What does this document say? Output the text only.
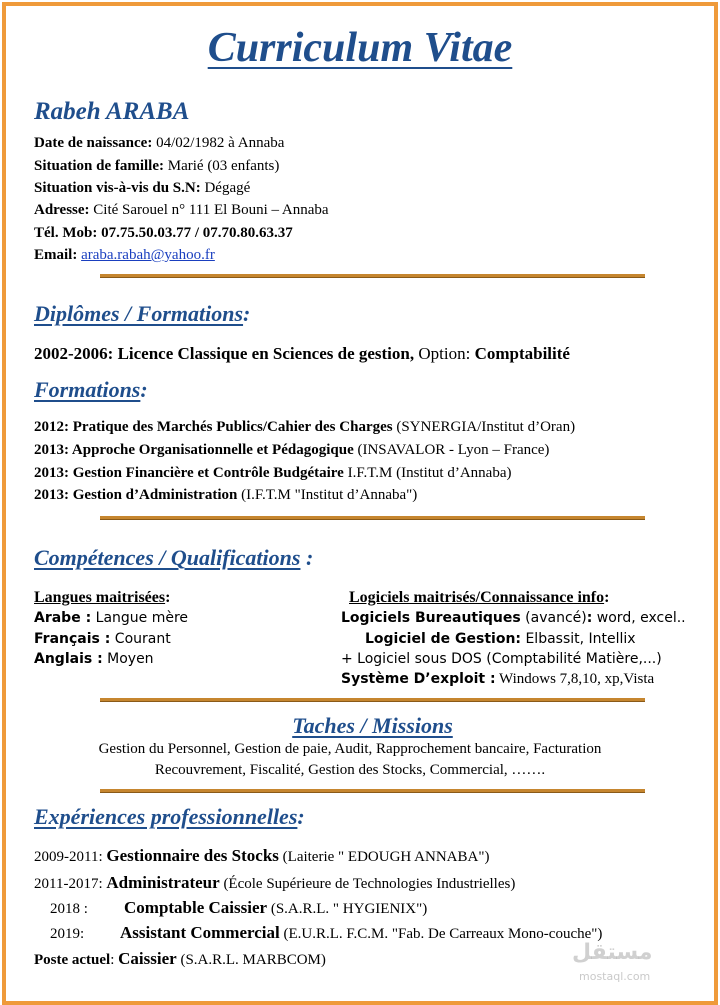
Curriculum Vitae
Rabeh ARABA
Date de naissance: 04/02/1982 à Annaba
Situation de famille: Marié (03 enfants)
Situation vis-à-vis du S.N: Dégagé
Adresse: Cité Sarouel n° 111 El Bouni – Annaba
Tél. Mob: 07.75.50.03.77 / 07.70.80.63.37
Email: araba.rabah@yahoo.fr
Diplômes / Formations:
2002-2006: Licence Classique en Sciences de gestion, Option: Comptabilité
Formations:
2012: Pratique des Marchés Publics/Cahier des Charges (SYNERGIA/Institut d’Oran)
2013: Approche Organisationnelle et Pédagogique (INSAVALOR - Lyon – France)
2013: Gestion Financière et Contrôle Budgétaire I.F.T.M (Institut d’Annaba)
2013: Gestion d’Administration (I.F.T.M "Institut d’Annaba")
Compétences / Qualifications :
Langues maitrisées:
Arabe : Langue mère
Français : Courant
Anglais : Moyen
Logiciels maitrisés/Connaissance info:
Logiciels Bureautiques (avancé): word, excel..
Logiciel de Gestion: Elbassit, Intellix
+ Logiciel sous DOS (Comptabilité Matière,...)
Système D’exploit : Windows 7,8,10, xp,Vista
Taches / Missions
Gestion du Personnel, Gestion de paie, Audit, Rapprochement bancaire, Facturation
Recouvrement, Fiscalité, Gestion des Stocks, Commercial, …….
Expériences professionnelles:
2009-2011: Gestionnaire des Stocks (Laiterie " EDOUGH ANNABA")
2011-2017: Administrateur (École Supérieure de Technologies Industrielles)
2018 : Comptable Caissier (S.A.R.L. " HYGIENIX")
2019: Assistant Commercial (E.U.R.L. F.C.M. "Fab. De Carreaux Mono-couche")
Poste actuel: Caissier (S.A.R.L. MARBCOM)	مستقل
mostaql.com
